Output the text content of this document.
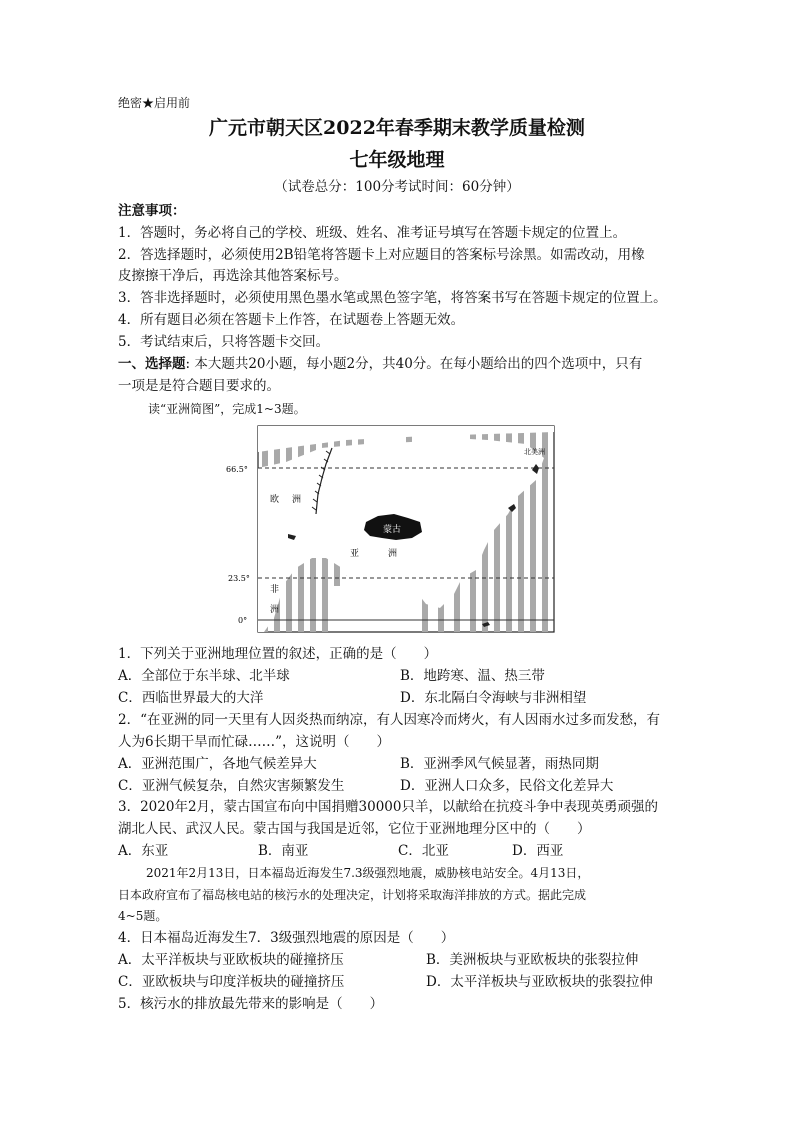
绝密★启用前
广元市朝天区2022年春季期末教学质量检测
七年级地理
（试卷总分：100分考试时间：60分钟）
注意事项：
1．答题时，务必将自己的学校、班级、姓名、准考证号填写在答题卡规定的位置上。
2．答选择题时，必须使用2B铅笔将答题卡上对应题目的答案标号涂黑。如需改动，用橡
皮擦擦干净后，再选涂其他答案标号。
3．答非选择题时，必须使用黑色墨水笔或黑色签字笔，将答案书写在答题卡规定的位置上。
4．所有题目必须在答题卡上作答，在试题卷上答题无效。
5．考试结束后，只将答题卡交回。
一、选择题: 本大题共20小题，每小题2分，共40分。在每小题给出的四个选项中，只有
一项是是符合题目要求的。
读“亚洲简图”，完成1~3题。
66.5°
23.5°
0°
欧 洲
亚	洲
非
洲
北美洲
蒙古
1．下列关于亚洲地理位置的叙述，正确的是（　　）
A．全部位于东半球、北半球	B．地跨寒、温、热三带
C．西临世界最大的大洋	D．东北隔白令海峡与非洲相望
2．“在亚洲的同一天里有人因炎热而纳凉，有人因寒冷而烤火，有人因雨水过多而发愁，有
人为6长期干旱而忙碌……”，这说明（　　）
A．亚洲范围广，各地气候差异大	B．亚洲季风气候显著，雨热同期
C．亚洲气候复杂，自然灾害频繁发生	D．亚洲人口众多，民俗文化差异大
3．2020年2月，蒙古国宣布向中国捐赠30000只羊，以献给在抗疫斗争中表现英勇顽强的
湖北人民、武汉人民。蒙古国与我国是近邻，它位于亚洲地理分区中的（　　）
A．东亚	B．南亚	C．北亚	D．西亚
2021年2月13日，日本福岛近海发生7.3级强烈地震，威胁核电站安全。4月13日，
日本政府宣布了福岛核电站的核污水的处理决定，计划将采取海洋排放的方式。据此完成
4~5题。
4．日本福岛近海发生7．3级强烈地震的原因是（　　）
A．太平洋板块与亚欧板块的碰撞挤压	B．美洲板块与亚欧板块的张裂拉伸
C．亚欧板块与印度洋板块的碰撞挤压	D．太平洋板块与亚欧板块的张裂拉伸
5．核污水的排放最先带来的影响是（　　）
